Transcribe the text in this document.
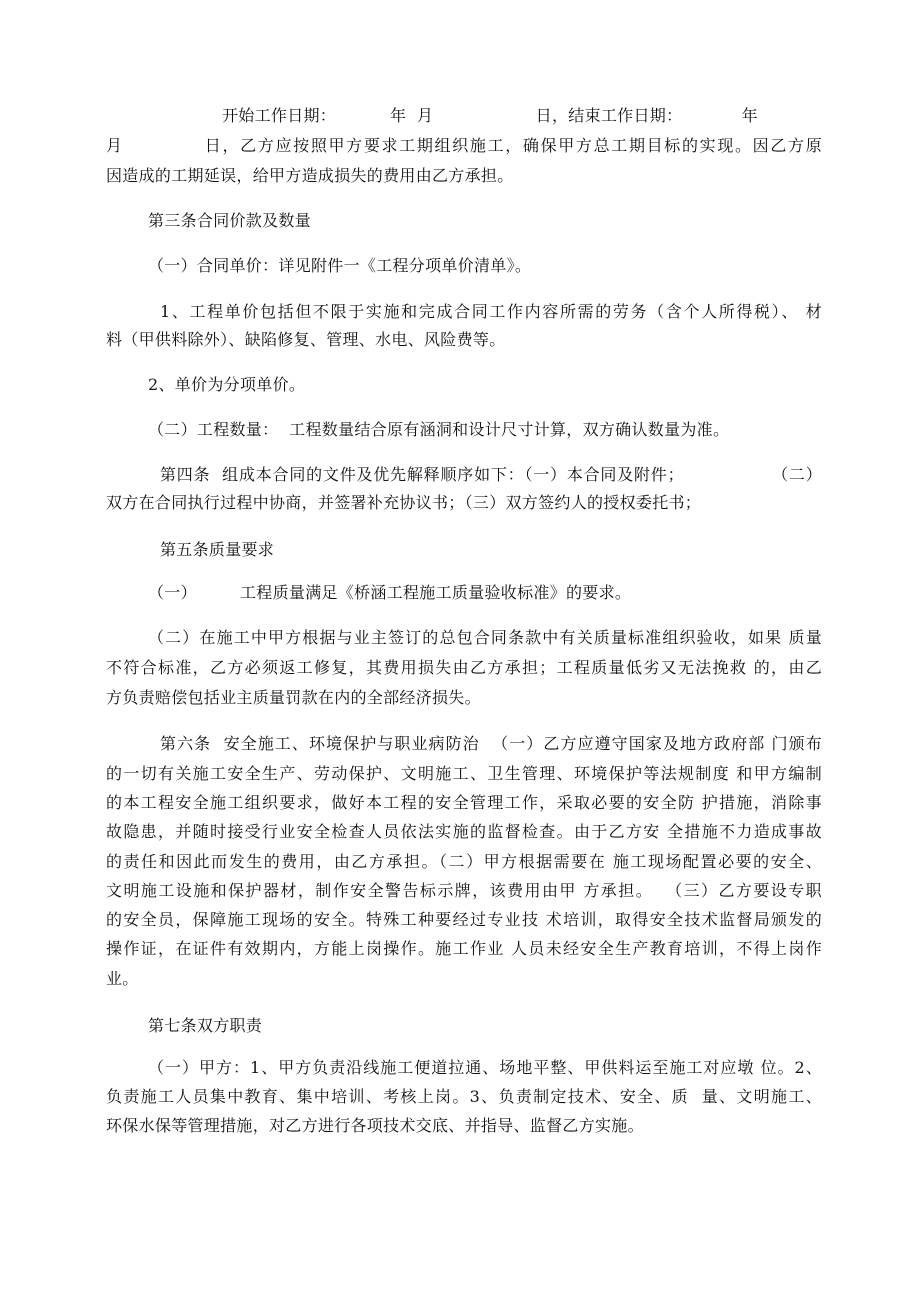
开始工作日期：          年  月                   日，结束工作日期：           年
月            日，乙方应按照甲方要求工期组织施工，确保甲方总工期目标的实现。因乙方原
因造成的工期延误，给甲方造成损失的费用由乙方承担。
第三条合同价款及数量
（一）合同单价：详见附件一《工程分项单价清单》。
1、工程单价包括但不限于实施和完成合同工作内容所需的劳务（含个人所得税）、 材
料（甲供料除外）、缺陷修复、管理、水电、风险费等。
2、单价为分项单价。
（二）工程数量：  工程数量结合原有涵洞和设计尺寸计算，双方确认数量为准。
第四条  组成本合同的文件及优先解释顺序如下：（一）本合同及附件；               （二）
双方在合同执行过程中协商，并签署补充协议书；（三）双方签约人的授权委托书；
第五条质量要求
（一）        工程质量满足《桥涵工程施工质量验收标准》的要求。
（二）在施工中甲方根据与业主签订的总包合同条款中有关质量标准组织验收，如果 质量
不符合标准，乙方必须返工修复，其费用损失由乙方承担；工程质量低劣又无法挽救 的，由乙
方负责赔偿包括业主质量罚款在内的全部经济损失。
第六条  安全施工、环境保护与职业病防治  （一）乙方应遵守国家及地方政府部 门颁布
的一切有关施工安全生产、劳动保护、文明施工、卫生管理、环境保护等法规制度 和甲方编制
的本工程安全施工组织要求，做好本工程的安全管理工作，采取必要的安全防 护措施，消除事
故隐患，并随时接受行业安全检查人员依法实施的监督检查。由于乙方安 全措施不力造成事故
的责任和因此而发生的费用，由乙方承担。（二）甲方根据需要在 施工现场配置必要的安全、
文明施工设施和保护器材，制作安全警告标示牌，该费用由甲 方承担。  （三）乙方要设专职
的安全员，保障施工现场的安全。特殊工种要经过专业技 术培训，取得安全技术监督局颁发的
操作证，在证件有效期内，方能上岗操作。施工作业 人员未经安全生产教育培训，不得上岗作
业。
第七条双方职责
（一）甲方：1、甲方负责沿线施工便道拉通、场地平整、甲供料运至施工对应墩 位。2、
负责施工人员集中教育、集中培训、考核上岗。3、负责制定技术、安全、质  量、文明施工、
环保水保等管理措施，对乙方进行各项技术交底、并指导、监督乙方实施。
